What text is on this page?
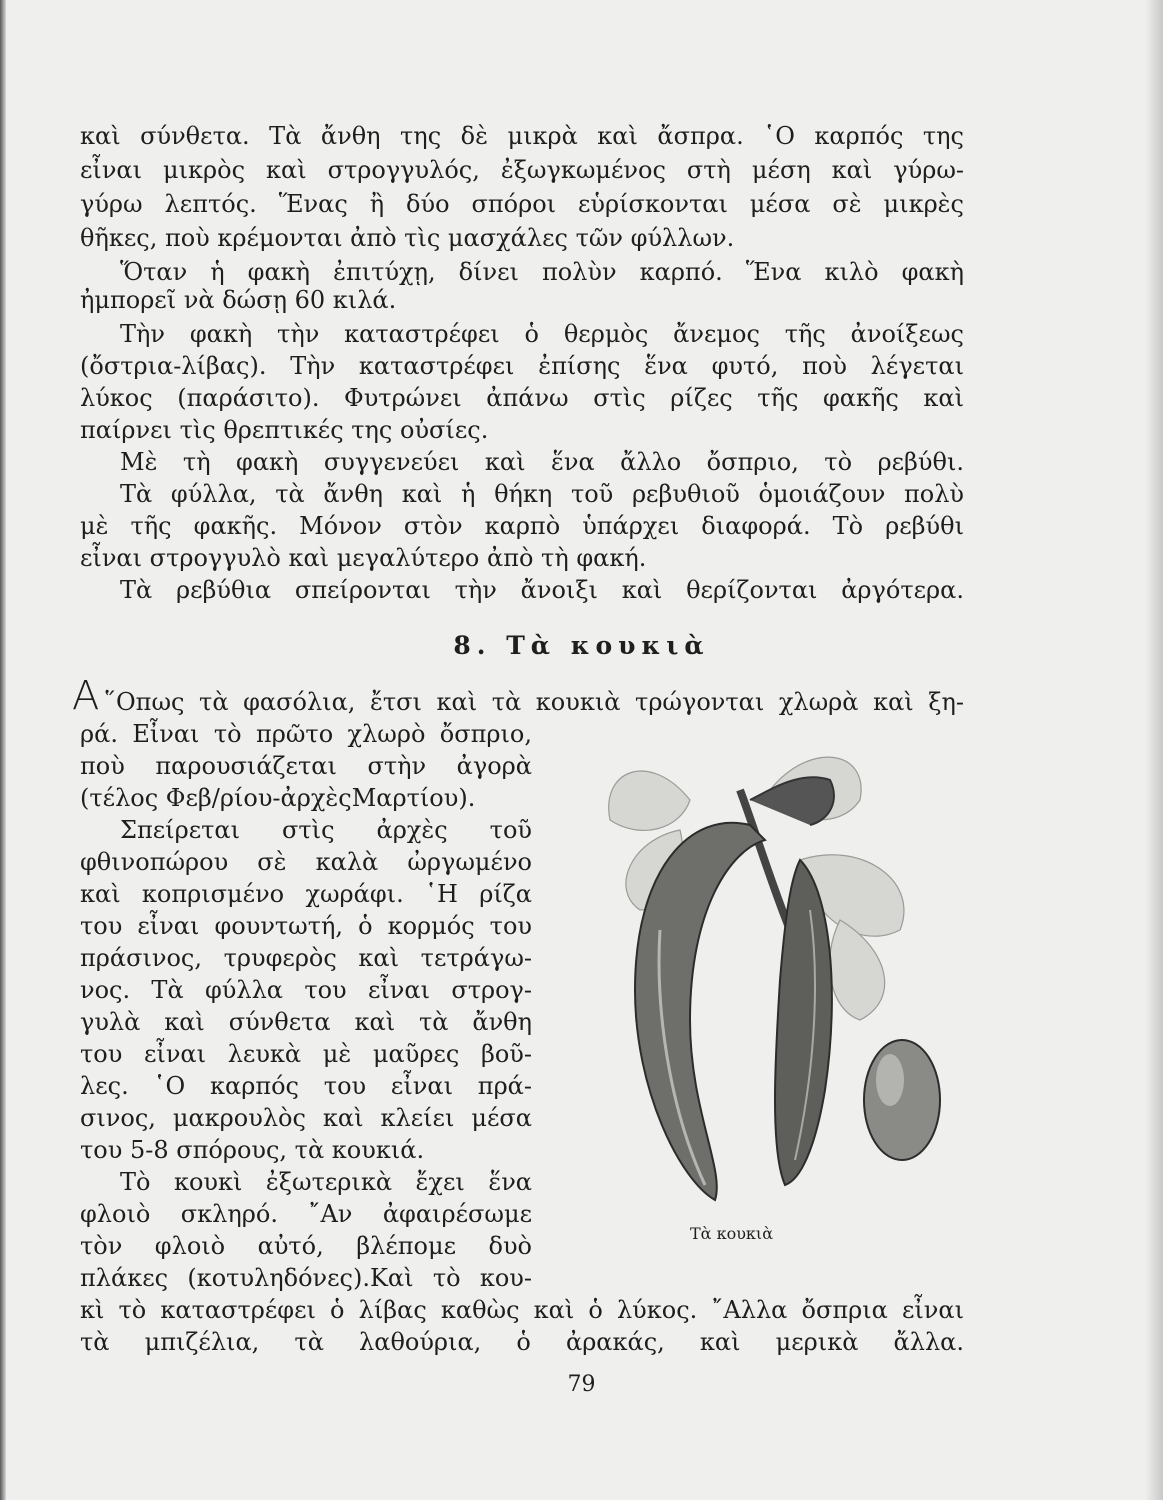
καὶ σύνθετα. Τὰ ἄνθη της δὲ μικρὰ καὶ ἄσπρα. ῾Ο καρπός της
εἶναι μικρὸς καὶ στρογγυλός, ἐξωγκωμένος στὴ μέση καὶ γύρω-
γύρω λεπτός. Ἕνας ἢ δύο σπόροι εὑρίσκονται μέσα σὲ μικρὲς
θῆκες, ποὺ κρέμονται ἀπὸ τὶς μασχάλες τῶν φύλλων.
Ὅταν ἡ φακὴ ἐπιτύχῃ, δίνει πολὺν καρπό. Ἕνα κιλὸ φακὴ
ἠμπορεῖ νὰ δώσῃ 60 κιλά.
Τὴν φακὴ τὴν καταστρέφει ὁ θερμὸς ἄνεμος τῆς ἀνοίξεως
(ὄστρια-λίβας). Τὴν καταστρέφει ἐπίσης ἕνα φυτό, ποὺ λέγεται
λύκος (παράσιτο). Φυτρώνει ἀπάνω στὶς ρίζες τῆς φακῆς καὶ
παίρνει τὶς θρεπτικές της οὐσίες.
Μὲ τὴ φακὴ συγγενεύει καὶ ἕνα ἄλλο ὄσπριο, τὸ ρεβύθι.
Τὰ φύλλα, τὰ ἄνθη καὶ ἡ θήκη τοῦ ρεβυθιοῦ ὁμοιάζουν πολὺ
μὲ τῆς φακῆς. Μόνον στὸν καρπὸ ὑπάρχει διαφορά. Τὸ ρεβύθι
εἶναι στρογγυλὸ καὶ μεγαλύτερο ἀπὸ τὴ φακή.
Τὰ ρεβύθια σπείρονται τὴν ἄνοιξι καὶ θερίζονται ἀργότερα.
8. Τὰ κουκιὰ
Α ῞Οπως τὰ φασόλια, ἔτσι καὶ τὰ κουκιὰ τρώγονται χλωρὰ καὶ ξη-
ρά. Εἶναι τὸ πρῶτο χλωρὸ ὄσπριο,
ποὺ παρουσιάζεται στὴν ἀγορὰ
(τέλος Φεβ/ρίου-ἀρχὲςΜαρτίου).
Σπείρεται στὶς ἀρχὲς τοῦ
φθινοπώρου σὲ καλὰ ὠργωμένο
καὶ κοπρισμένο χωράφι. ῾Η ρίζα
του εἶναι φουντωτή, ὁ κορμός του
πράσινος, τρυφερὸς καὶ τετράγω-
νος. Τὰ φύλλα του εἶναι στρογ-
γυλὰ καὶ σύνθετα καὶ τὰ ἄνθη
του εἶναι λευκὰ μὲ μαῦρες βοῦ-
λες. ῾Ο καρπός του εἶναι πρά-
σινος, μακρουλὸς καὶ κλείει μέσα
του 5-8 σπόρους, τὰ κουκιά.
Τὸ κουκὶ ἐξωτερικὰ ἔχει ἕνα
φλοιὸ σκληρό. ῎Αν ἀφαιρέσωμε
τὸν φλοιὸ αὐτό, βλέπομε δυὸ
πλάκες (κοτυληδόνες).Καὶ τὸ κου-
κὶ τὸ καταστρέφει ὁ λίβας καθὼς καὶ ὁ λύκος. ῎Αλλα ὄσπρια εἶναι
τὰ μπιζέλια, τὰ λαθούρια, ὁ ἀρακάς, καὶ μερικὰ ἄλλα.
Τὰ κουκιὰ
79
